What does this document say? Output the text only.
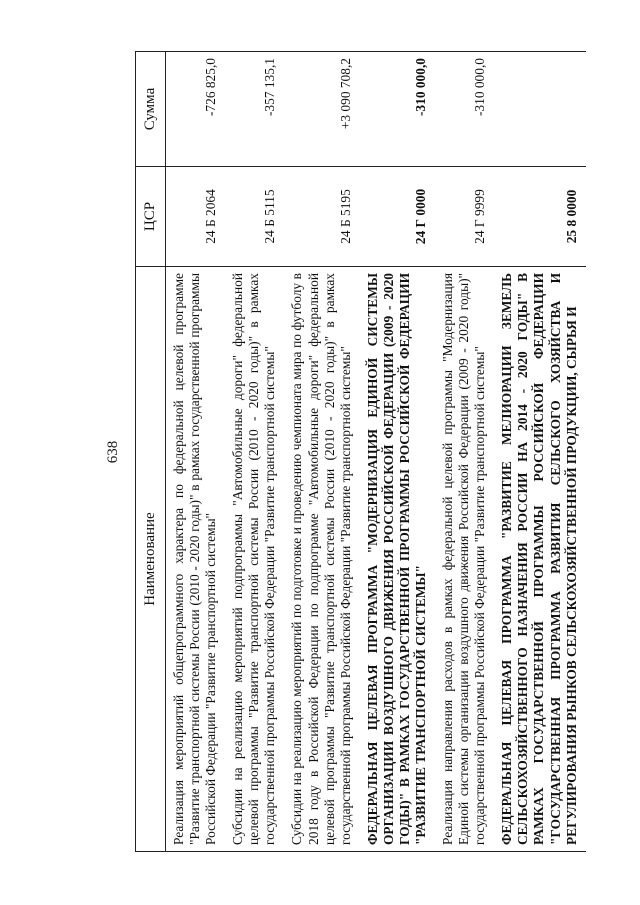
638
Наименование	ЦСР	Сумма
Реализация мероприятий общепрограммного характера по федеральной целевой программе "Развитие транспортной системы России (2010 - 2020 годы)" в рамках государственной программы Российской Федерации "Развитие транспортной системы"	24 Б 2064	-726 825,0
Субсидии на реализацию мероприятий подпрограммы "Автомобильные дороги" федеральной целевой программы "Развитие транспортной системы России (2010 - 2020 годы)" в рамках государственной программы Российской Федерации "Развитие транспортной системы"	24 Б 5115	-357 135,1
Субсидии на реализацию мероприятий по подготовке и проведению чемпионата мира по футболу в 2018 году в Российской Федерации по подпрограмме "Автомобильные дороги" федеральной целевой программы "Развитие транспортной системы России (2010 - 2020 годы)" в рамках государственной программы Российской Федерации "Развитие транспортной системы"	24 Б 5195	+3 090 708,2
ФЕДЕРАЛЬНАЯ ЦЕЛЕВАЯ ПРОГРАММА "МОДЕРНИЗАЦИЯ ЕДИНОЙ СИСТЕМЫ ОРГАНИЗАЦИИ ВОЗДУШНОГО ДВИЖЕНИЯ РОССИЙСКОЙ ФЕДЕРАЦИИ (2009 - 2020 ГОДЫ)" В РАМКАХ ГОСУДАРСТВЕННОЙ ПРОГРАММЫ РОССИЙСКОЙ ФЕДЕРАЦИИ "РАЗВИТИЕ ТРАНСПОРТНОЙ СИСТЕМЫ"	24 Г 0000	-310 000,0
Реализация направления расходов в рамках федеральной целевой программы "Модернизация Единой системы организации воздушного движения Российской Федерации (2009 - 2020 годы)" государственной программы Российской Федерации "Развитие транспортной системы"	24 Г 9999	-310 000,0
ФЕДЕРАЛЬНАЯ ЦЕЛЕВАЯ ПРОГРАММА "РАЗВИТИЕ МЕЛИОРАЦИИ ЗЕМЕЛЬ СЕЛЬСКОХОЗЯЙСТВЕННОГО НАЗНАЧЕНИЯ РОССИИ НА 2014 - 2020 ГОДЫ" В РАМКАХ ГОСУДАРСТВЕННОЙ ПРОГРАММЫ РОССИЙСКОЙ ФЕДЕРАЦИИ "ГОСУДАРСТВЕННАЯ ПРОГРАММА РАЗВИТИЯ СЕЛЬСКОГО ХОЗЯЙСТВА И РЕГУЛИРОВАНИЯ РЫНКОВ СЕЛЬСКОХОЗЯЙСТВЕННОЙ ПРОДУКЦИИ, СЫРЬЯ И	25 8 0000	
